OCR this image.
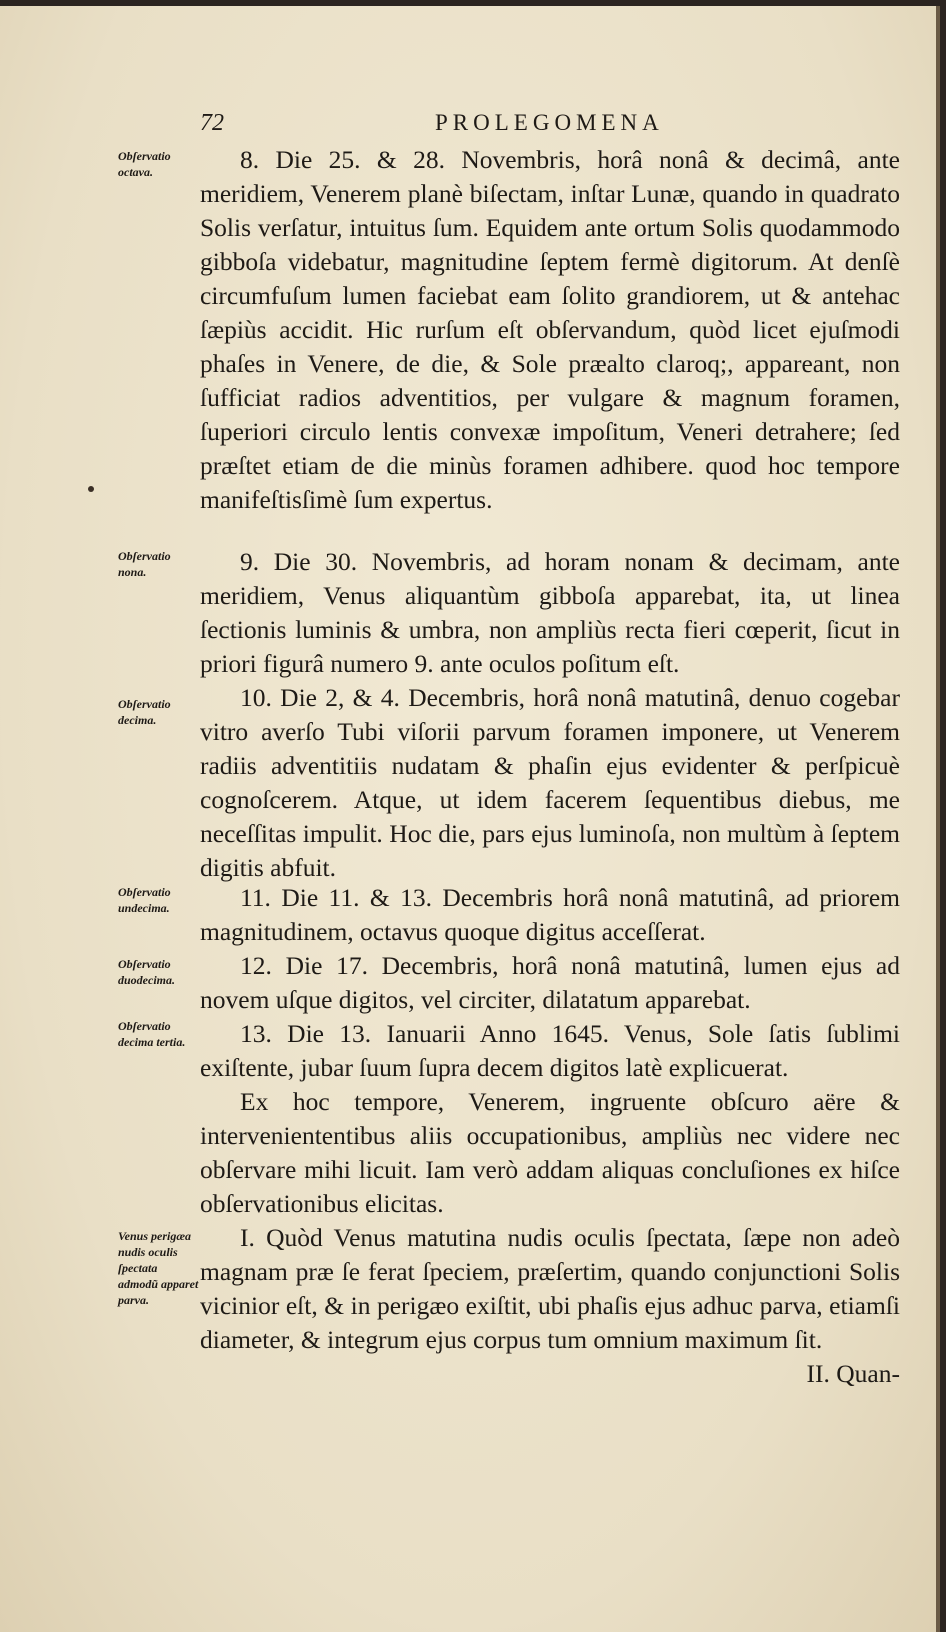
72	PROLEGOMENA
Obſervatio octava.
Obſervatio nona.
Obſervatio decima.
Obſervatio undecima.
Obſervatio duodecima.
Obſervatio decima tertia.
Venus perigæa nudis oculis ſpectata admodũ apparet parva.

8. Die 25. & 28. Novembris, horâ nonâ & decimâ, ante meridiem, Venerem planè biſectam, inſtar Lunæ, quando in quadrato Solis verſatur, intuitus ſum. Equidem ante ortum Solis quodammodo gibboſa videbatur, magnitudine ſeptem fermè digitorum. At denſè circumfuſum lumen faciebat eam ſolito grandiorem, ut & antehac ſæpiùs accidit. Hic rurſum eſt obſervandum, quòd licet ejuſmodi phaſes in Venere, de die, & Sole præalto claroq;, appareant, non ſufficiat radios adventitios, per vulgare & magnum foramen, ſuperiori circulo lentis convexæ impoſitum, Veneri detrahere; ſed præſtet etiam de die minùs foramen adhibere. quod hoc tempore manifeſtisſimè ſum expertus.

9. Die 30. Novembris, ad horam nonam & decimam, ante meridiem, Venus aliquantùm gibboſa apparebat, ita, ut linea ſectionis luminis & umbra, non ampliùs recta fieri cœperit, ſicut in priori figurâ numero 9. ante oculos poſitum eſt.

10. Die 2, & 4. Decembris, horâ nonâ matutinâ, denuo cogebar vitro averſo Tubi viſorii parvum foramen imponere, ut Venerem radiis adventitiis nudatam & phaſin ejus evidenter & perſpicuè cognoſcerem. Atque, ut idem facerem ſequentibus diebus, me neceſſitas impulit. Hoc die, pars ejus luminoſa, non multùm à ſeptem digitis abfuit.

11. Die 11. & 13. Decembris horâ nonâ matutinâ, ad priorem magnitudinem, octavus quoque digitus acceſſerat.

12. Die 17. Decembris, horâ nonâ matutinâ, lumen ejus ad novem uſque digitos, vel circiter, dilatatum apparebat.

13. Die 13. Ianuarii Anno 1645. Venus, Sole ſatis ſublimi exiſtente, jubar ſuum ſupra decem digitos latè explicuerat.

Ex hoc tempore, Venerem, ingruente obſcuro aëre & interveniententibus aliis occupationibus, ampliùs nec videre nec obſervare mihi licuit. Iam verò addam aliquas concluſiones ex hiſce obſervationibus elicitas.

I. Quòd Venus matutina nudis oculis ſpectata, ſæpe non adeò magnam præ ſe ferat ſpeciem, præſertim, quando conjunctioni Solis vicinior eſt, & in perigæo exiſtit, ubi phaſis ejus adhuc parva, etiamſi diameter, & integrum ejus corpus tum omnium maximum ſit.

II. Quan-
